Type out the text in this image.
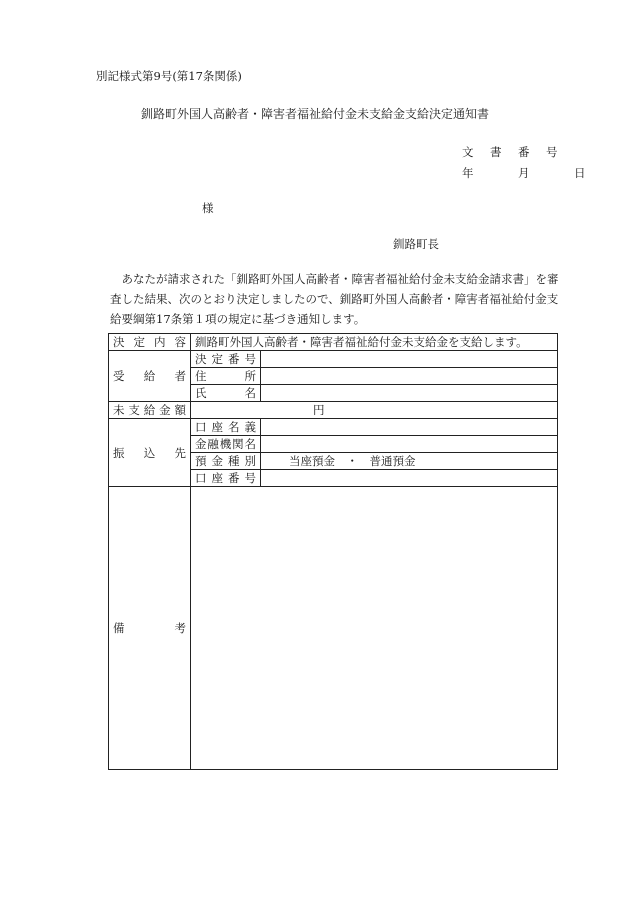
別記様式第9号(第17条関係)
釧路町外国人高齢者・障害者福祉給付金未支給金支給決定通知書
文	書	番	号
年	月	日
様
釧路町長

　あなたが請求された「釧路町外国人高齢者・障害者福祉給付金未支給金請求書」を審

査した結果、次のとおり決定しましたので、釧路町外国人高齢者・障害者福祉給付金支

給要綱第17条第１項の規定に基づき通知します。

決 定 内 容	釧路町外国人高齢者・障害者福祉給付金未支給金を支給します。	

受 給 者	決 定 番 号	

	住 所	

	氏 名	

未 支 給 金 額	円	

振 込 先	口 座 名 義	

	金 融 機 関 名	

	預 金 種 別	当座預金　・　普通預金

	口 座 番 号	

備 考		
